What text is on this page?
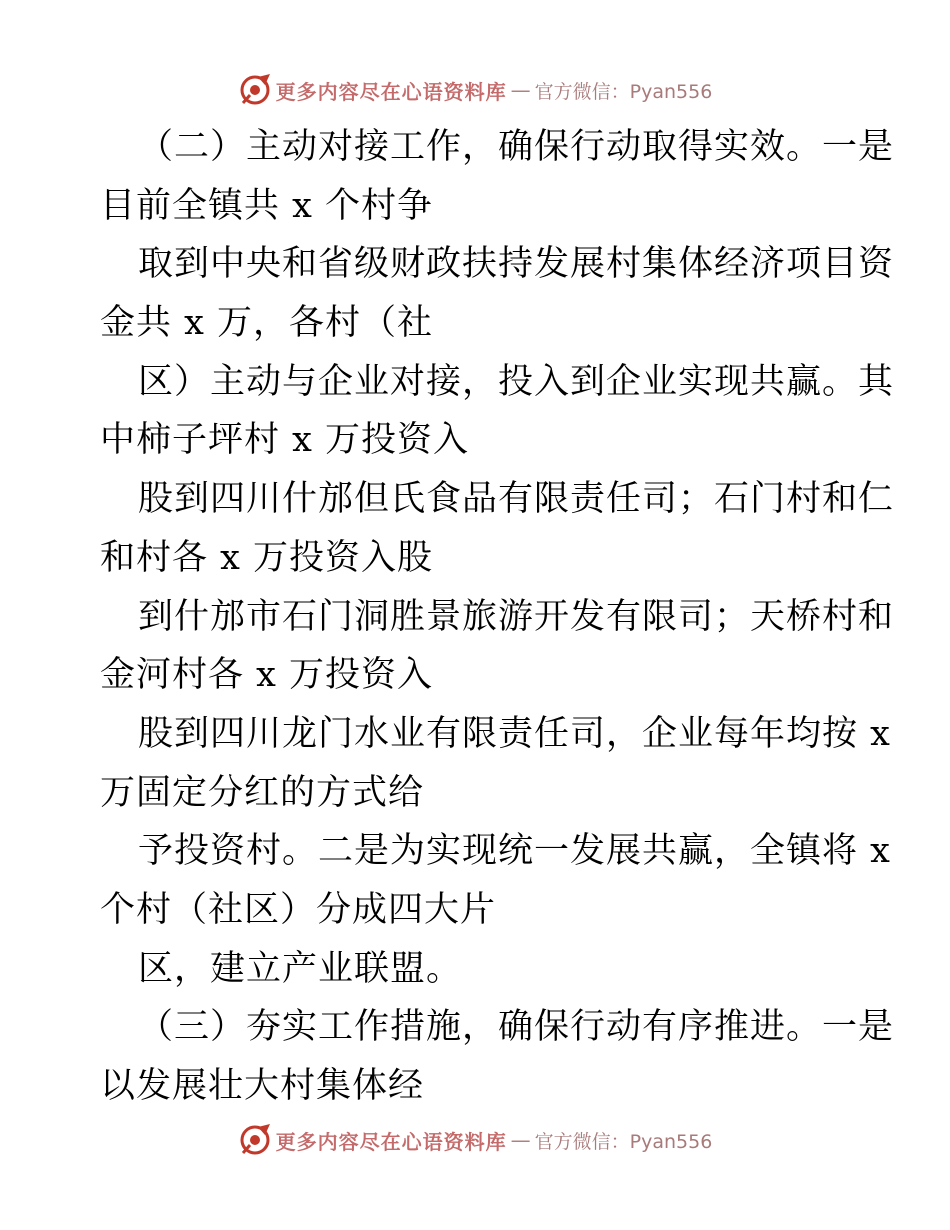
更多内容尽在心语资料库 — 官方微信：Pyan556
（二）主动对接工作，确保行动取得实效。一是
目前全镇共 x 个村争
取到中央和省级财政扶持发展村集体经济项目资
金共 x 万，各村（社
区）主动与企业对接，投入到企业实现共赢。其
中柿子坪村 x 万投资入
股到四川什邡但氏食品有限责任司；石门村和仁
和村各 x 万投资入股
到什邡市石门洞胜景旅游开发有限司；天桥村和
金河村各 x 万投资入
股到四川龙门水业有限责任司，企业每年均按 x
万固定分红的方式给
予投资村。二是为实现统一发展共赢，全镇将 x
个村（社区）分成四大片
区，建立产业联盟。
（三）夯实工作措施，确保行动有序推进。一是
以发展壮大村集体经
更多内容尽在心语资料库 — 官方微信：Pyan556
